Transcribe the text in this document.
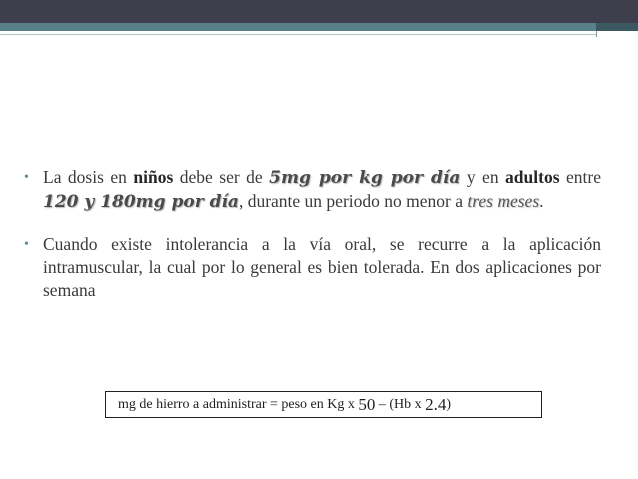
• La dosis en niños debe ser de 5mg por kg por día y en adultos entre 120 y 180mg por día, durante un periodo no menor a tres meses.
• Cuando existe intolerancia a la vía oral, se recurre a la aplicación intramuscular, la cual por lo general es bien tolerada. En dos aplicaciones por semana
mg de hierro a administrar = peso en Kg x 50 – (Hb x 2.4 )
